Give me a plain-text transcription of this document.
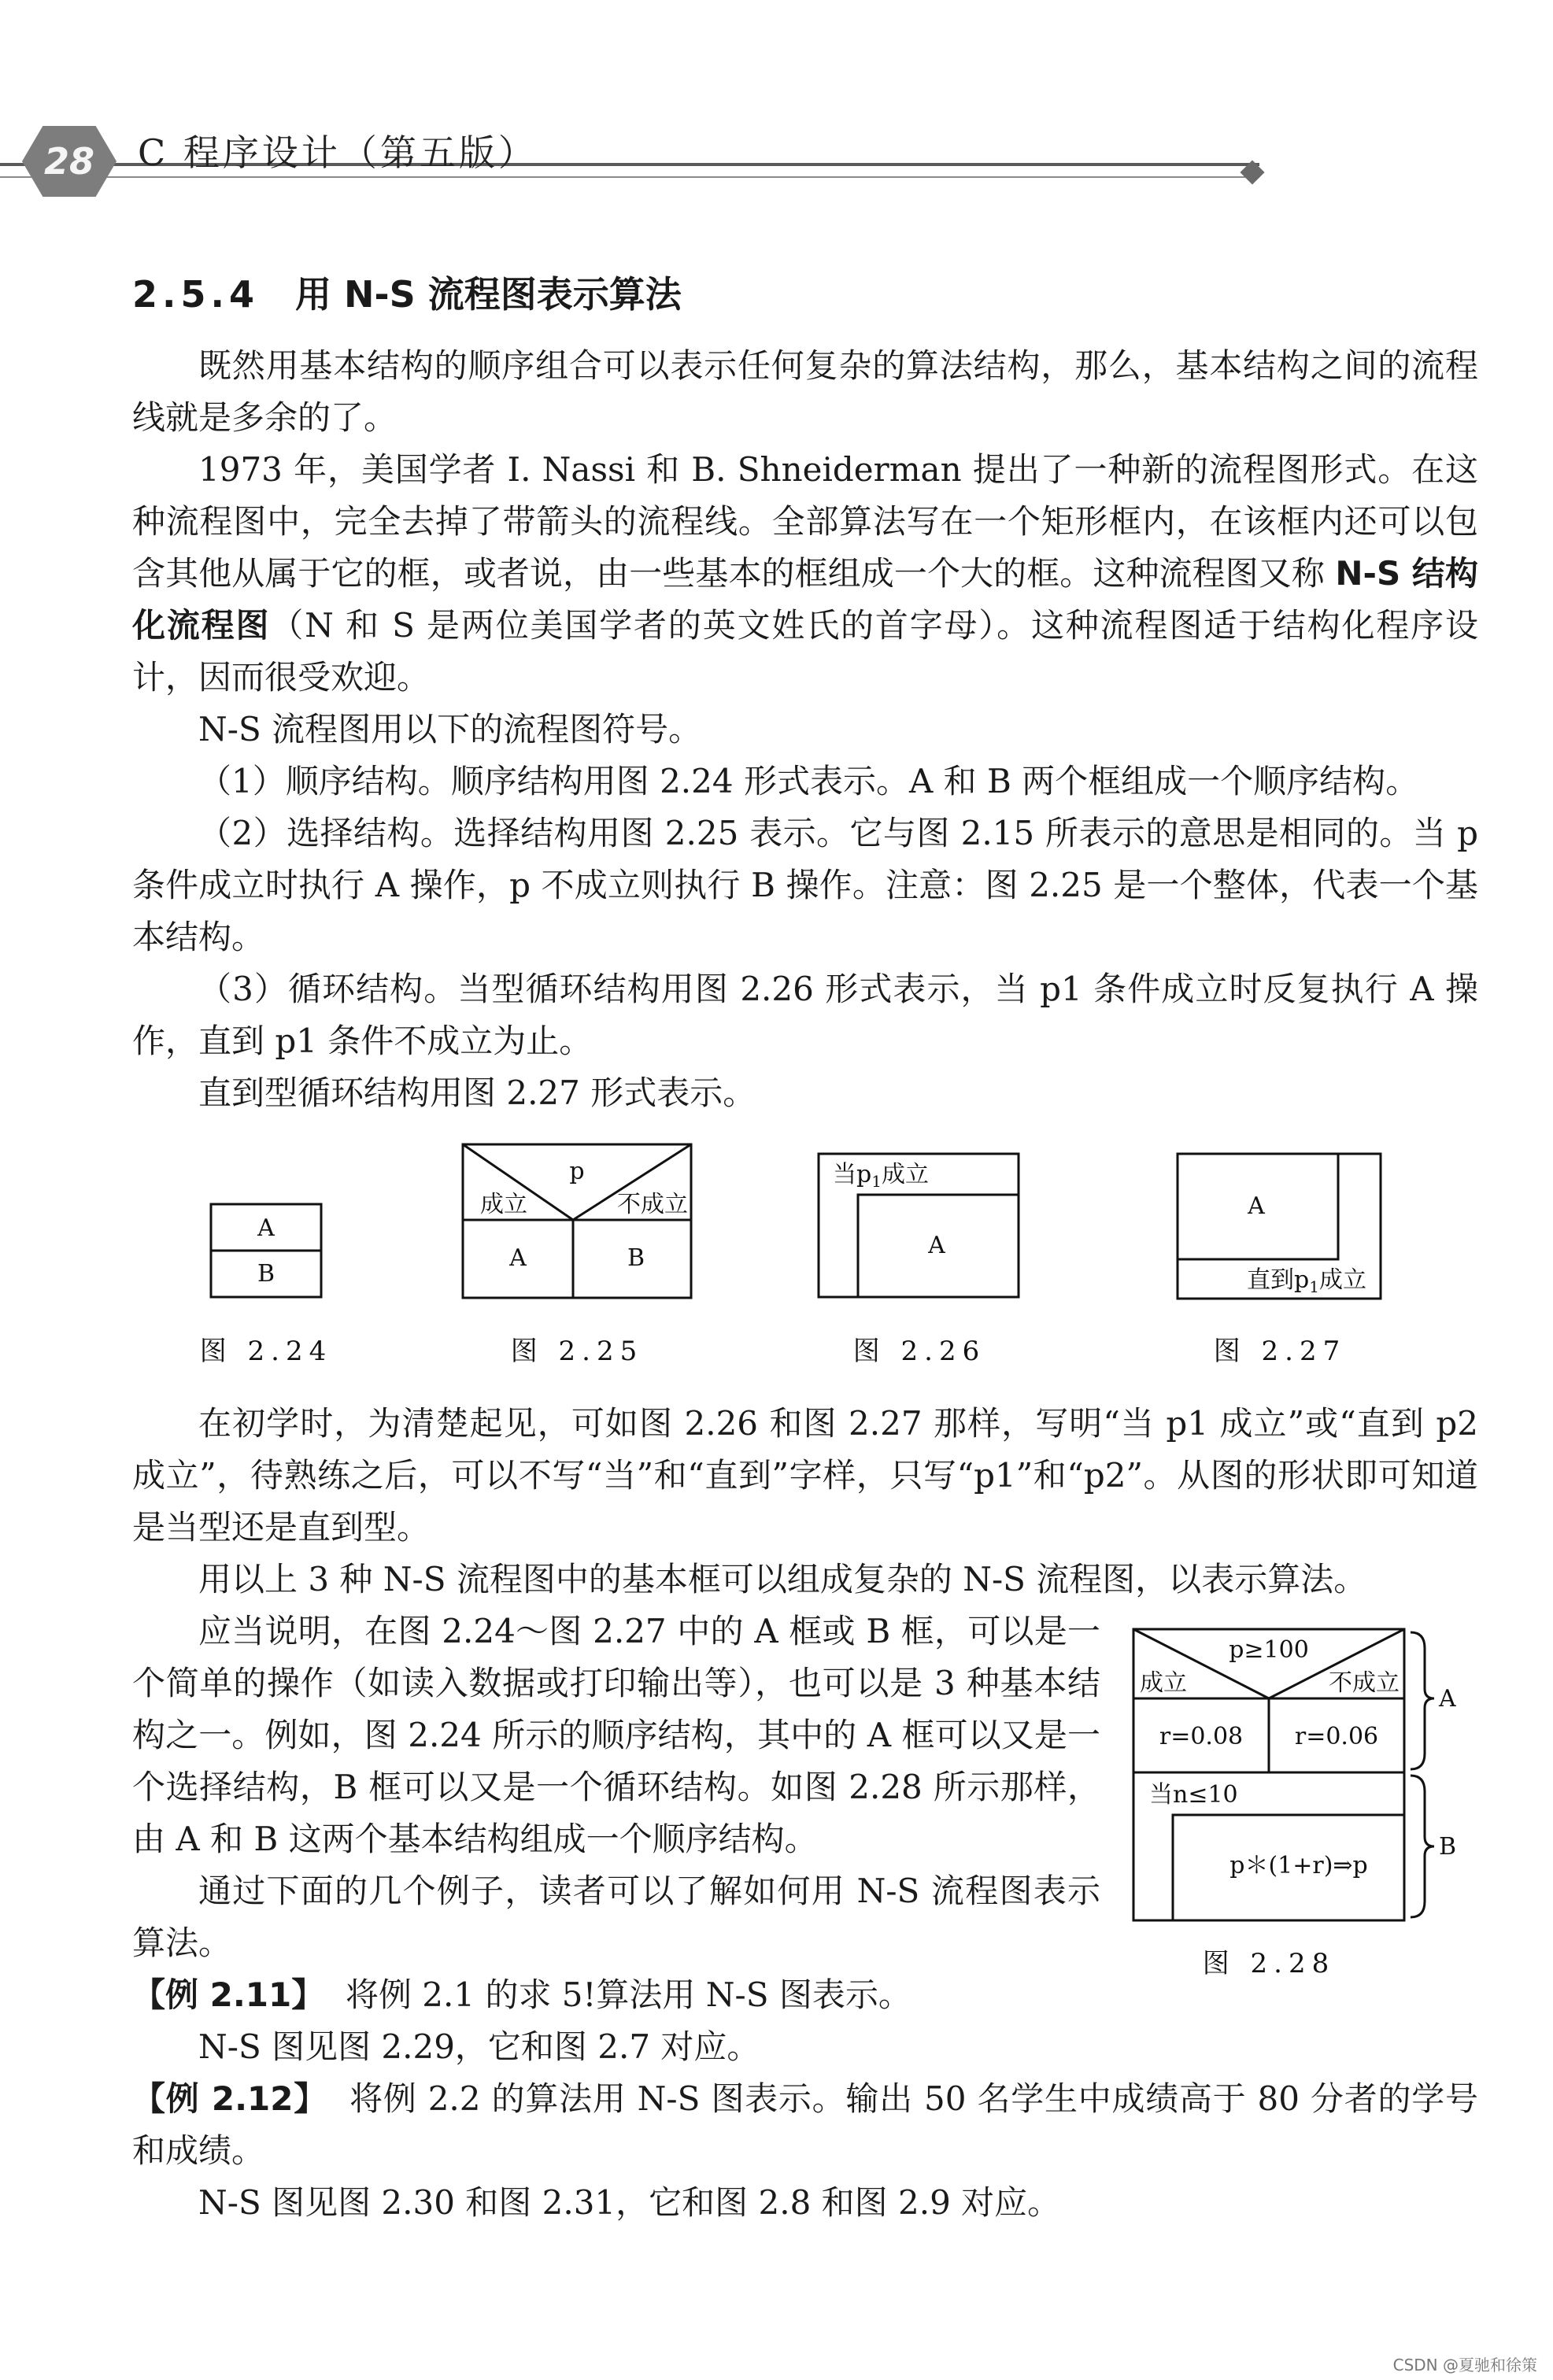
28 C 程序设计（第五版）
2.5.4 用 N-S 流程图表示算法
既然用基本结构的顺序组合可以表示任何复杂的算法结构，那么，基本结构之间的流程线就是多余的了。
1973 年，美国学者 I. Nassi 和 B. Shneiderman 提出了一种新的流程图形式。在这种流程图中，完全去掉了带箭头的流程线。全部算法写在一个矩形框内，在该框内还可以包含其他从属于它的框，或者说，由一些基本的框组成一个大的框。这种流程图又称 N-S 结构化流程图（N 和 S 是两位美国学者的英文姓氏的首字母）。这种流程图适于结构化程序设计，因而很受欢迎。
N-S 流程图用以下的流程图符号。
（1）顺序结构。顺序结构用图 2.24 形式表示。A 和 B 两个框组成一个顺序结构。
（2）选择结构。选择结构用图 2.25 表示。它与图 2.15 所表示的意思是相同的。当 p 条件成立时执行 A 操作，p 不成立则执行 B 操作。注意：图 2.25 是一个整体，代表一个基本结构。
（3）循环结构。当型循环结构用图 2.26 形式表示，当 p1 条件成立时反复执行 A 操作，直到 p1 条件不成立为止。
直到型循环结构用图 2.27 形式表示。
A
B
p
成立	不成立
A	B
当$p_1$成立
A
A
直到$p_1$成立
图 2.24	图 2.25	图 2.26	图 2.27
在初学时，为清楚起见，可如图 2.26 和图 2.27 那样，写明“当 p1 成立”或“直到 p2 成立”，待熟练之后，可以不写“当”和“直到”字样，只写“p1”和“p2”。从图的形状即可知道是当型还是直到型。
用以上 3 种 N-S 流程图中的基本框可以组成复杂的 N-S 流程图，以表示算法。
应当说明，在图 2.24～图 2.27 中的 A 框或 B 框，可以是一个简单的操作（如读入数据或打印输出等），也可以是 3 种基本结构之一。例如，图 2.24 所示的顺序结构，其中的 A 框可以又是一个选择结构，B 框可以又是一个循环结构。如图 2.28 所示那样，由 A 和 B 这两个基本结构组成一个顺序结构。
通过下面的几个例子，读者可以了解如何用 N-S 流程图表示算法。
p≥100
成立	不成立
r=0.08 r=0.06
当n≤10
p＊(1+r)⇒p
A
B
图 2.28
【例 2.11】 将例 2.1 的求 5!算法用 N-S 图表示。
N-S 图见图 2.29，它和图 2.7 对应。
【例 2.12】 将例 2.2 的算法用 N-S 图表示。输出 50 名学生中成绩高于 80 分者的学号和成绩。
N-S 图见图 2.30 和图 2.31，它和图 2.8 和图 2.9 对应。
CSDN @夏驰和徐策
